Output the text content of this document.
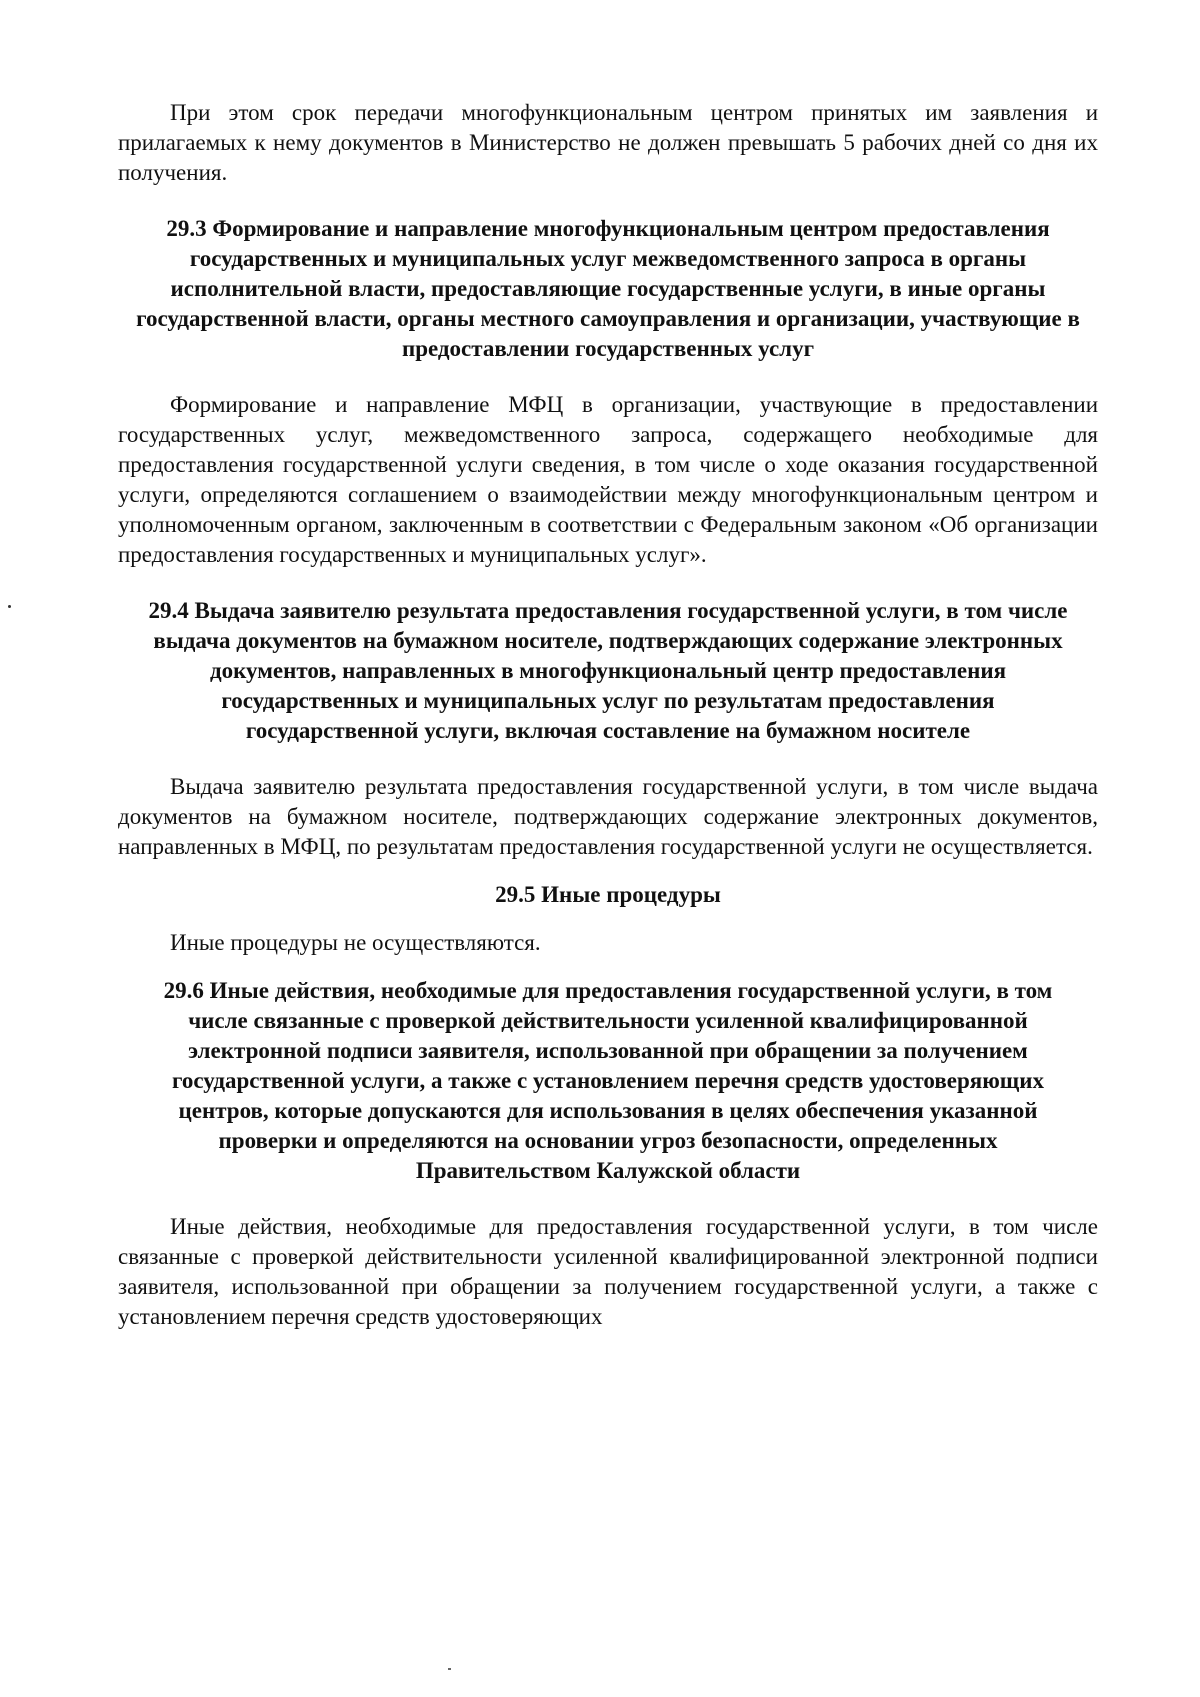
При этом срок передачи многофункциональным центром принятых им заявления и прилагаемых к нему документов в Министерство не должен превышать 5 рабочих дней со дня их получения.

29.3 Формирование и направление многофункциональным центром предоставления государственных и муниципальных услуг межведомственного запроса в органы исполнительной власти, предоставляющие государственные услуги, в иные органы государственной власти, органы местного самоуправления и организации, участвующие в предоставлении государственных услуг

Формирование и направление МФЦ в организации, участвующие в предоставлении государственных услуг, межведомственного запроса, содержащего необходимые для предоставления государственной услуги сведения, в том числе о ходе оказания государственной услуги, определяются соглашением о взаимодействии между многофункциональным центром и уполномоченным органом, заключенным в соответствии с Федеральным законом «Об организации предоставления государственных и муниципальных услуг».

29.4 Выдача заявителю результата предоставления государственной услуги, в том числе выдача документов на бумажном носителе, подтверждающих содержание электронных документов, направленных в многофункциональный центр предоставления государственных и муниципальных услуг по результатам предоставления государственной услуги, включая составление на бумажном носителе

Выдача заявителю результата предоставления государственной услуги, в том числе выдача документов на бумажном носителе, подтверждающих содержание электронных документов, направленных в МФЦ, по результатам предоставления государственной услуги не осуществляется.

29.5 Иные процедуры

Иные процедуры не осуществляются.

29.6 Иные действия, необходимые для предоставления государственной услуги, в том числе связанные с проверкой действительности усиленной квалифицированной электронной подписи заявителя, использованной при обращении за получением государственной услуги, а также с установлением перечня средств удостоверяющих центров, которые допускаются для использования в целях обеспечения указанной проверки и определяются на основании угроз безопасности, определенных Правительством Калужской области

Иные действия, необходимые для предоставления государственной услуги, в том числе связанные с проверкой действительности усиленной квалифицированной электронной подписи заявителя, использованной при обращении за получением государственной услуги, а также с установлением перечня средств удостоверяющих
